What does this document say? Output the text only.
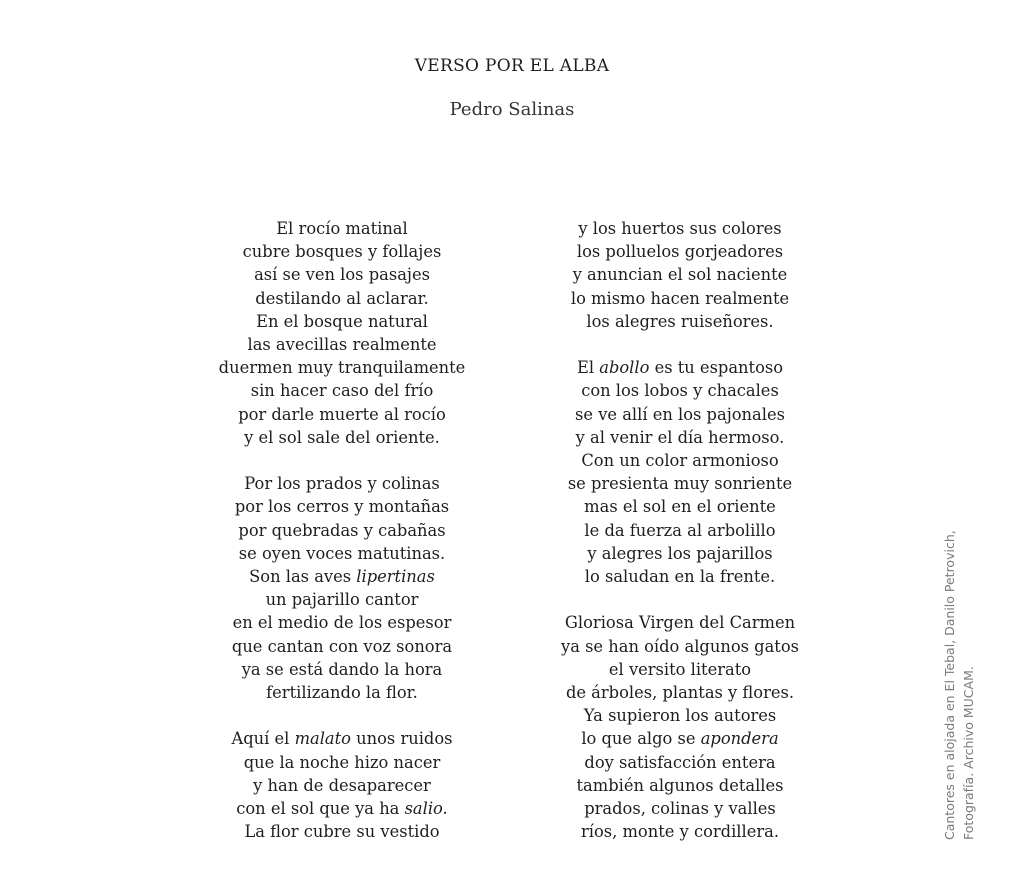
VERSO POR EL ALBA
Pedro Salinas
El rocío matinal
cubre bosques y follajes
así se ven los pasajes
destilando al aclarar.
En el bosque natural
las avecillas realmente
duermen muy tranquilamente
sin hacer caso del frío
por darle muerte al rocío
y el sol sale del oriente.
Por los prados y colinas
por los cerros y montañas
por quebradas y cabañas
se oyen voces matutinas.
Son las aves lipertinas
un pajarillo cantor
en el medio de los espesor
que cantan con voz sonora
ya se está dando la hora
fertilizando la flor.
Aquí el malato unos ruidos
que la noche hizo nacer
y han de desaparecer
con el sol que ya ha salio.
La flor cubre su vestido
y los huertos sus colores
los polluelos gorjeadores
y anuncian el sol naciente
lo mismo hacen realmente
los alegres ruiseñores.
El abollo es tu espantoso
con los lobos y chacales
se ve allí en los pajonales
y al venir el día hermoso.
Con un color armonioso
se presienta muy sonriente
mas el sol en el oriente
le da fuerza al arbolillo
y alegres los pajarillos
lo saludan en la frente.
Gloriosa Virgen del Carmen
ya se han oído algunos gatos
el versito literato
de árboles, plantas y flores.
Ya supieron los autores
lo que algo se apondera
doy satisfacción entera
también algunos detalles
prados, colinas y valles
ríos, monte y cordillera.	Cantores en alojada en El Tebal, Danilo Petrovich, Fotografía. Archivo MUCAM.
